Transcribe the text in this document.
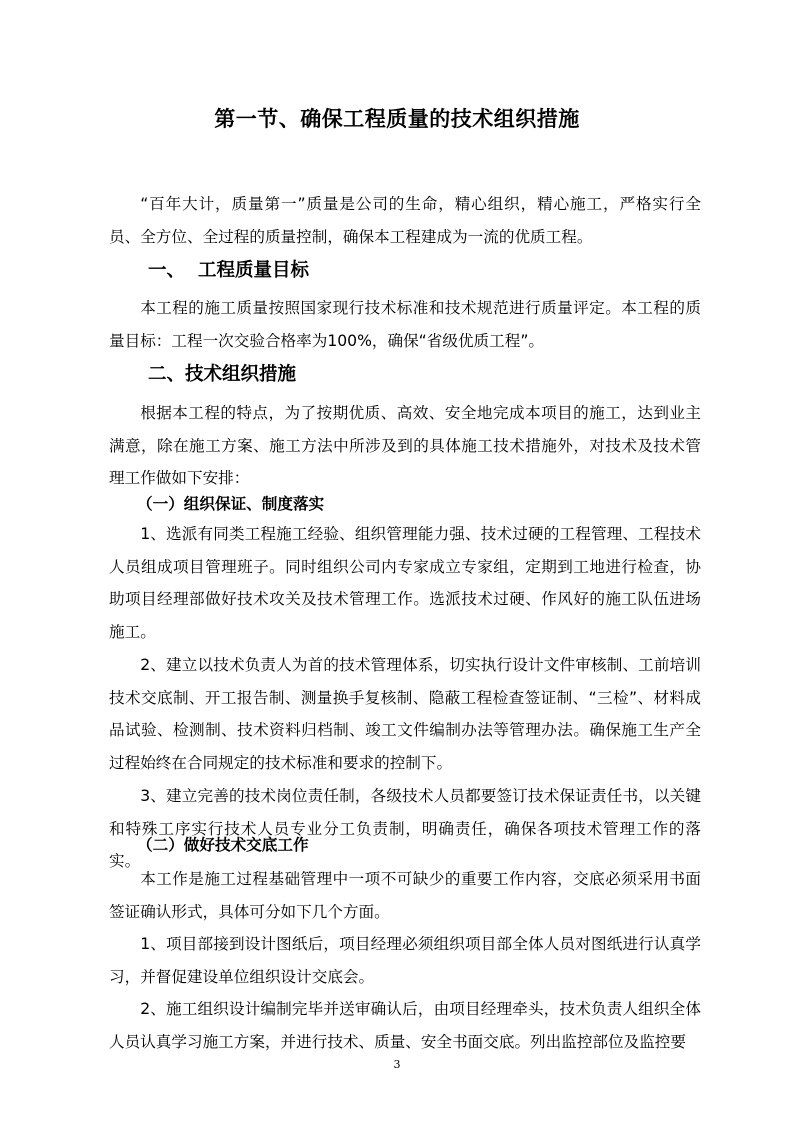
第一节、确保工程质量的技术组织措施

“百年大计，质量第一”质量是公司的生命，精心组织，精心施工，严格实行全员、全方位、全过程的质量控制，确保本工程建成为一流的优质工程。

一、 工程质量目标

本工程的施工质量按照国家现行技术标准和技术规范进行质量评定。本工程的质量目标：工程一次交验合格率为100%，确保“省级优质工程”。

二、技术组织措施

根据本工程的特点，为了按期优质、高效、安全地完成本项目的施工，达到业主满意，除在施工方案、施工方法中所涉及到的具体施工技术措施外，对技术及技术管理工作做如下安排：

（一）组织保证、制度落实

1、选派有同类工程施工经验、组织管理能力强、技术过硬的工程管理、工程技术人员组成项目管理班子。同时组织公司内专家成立专家组，定期到工地进行检查，协助项目经理部做好技术攻关及技术管理工作。选派技术过硬、作风好的施工队伍进场施工。

2、建立以技术负责人为首的技术管理体系，切实执行设计文件审核制、工前培训技术交底制、开工报告制、测量换手复核制、隐蔽工程检查签证制、“三检”、材料成品试验、检测制、技术资料归档制、竣工文件编制办法等管理办法。确保施工生产全过程始终在合同规定的技术标准和要求的控制下。

3、建立完善的技术岗位责任制，各级技术人员都要签订技术保证责任书，以关键和特殊工序实行技术人员专业分工负责制，明确责任，确保各项技术管理工作的落实。

（二）做好技术交底工作

本工作是施工过程基础管理中一项不可缺少的重要工作内容，交底必须采用书面签证确认形式，具体可分如下几个方面。

1、项目部接到设计图纸后，项目经理必须组织项目部全体人员对图纸进行认真学习，并督促建设单位组织设计交底会。

2、施工组织设计编制完毕并送审确认后，由项目经理牵头，技术负责人组织全体人员认真学习施工方案，并进行技术、质量、安全书面交底。列出监控部位及监控要

3
